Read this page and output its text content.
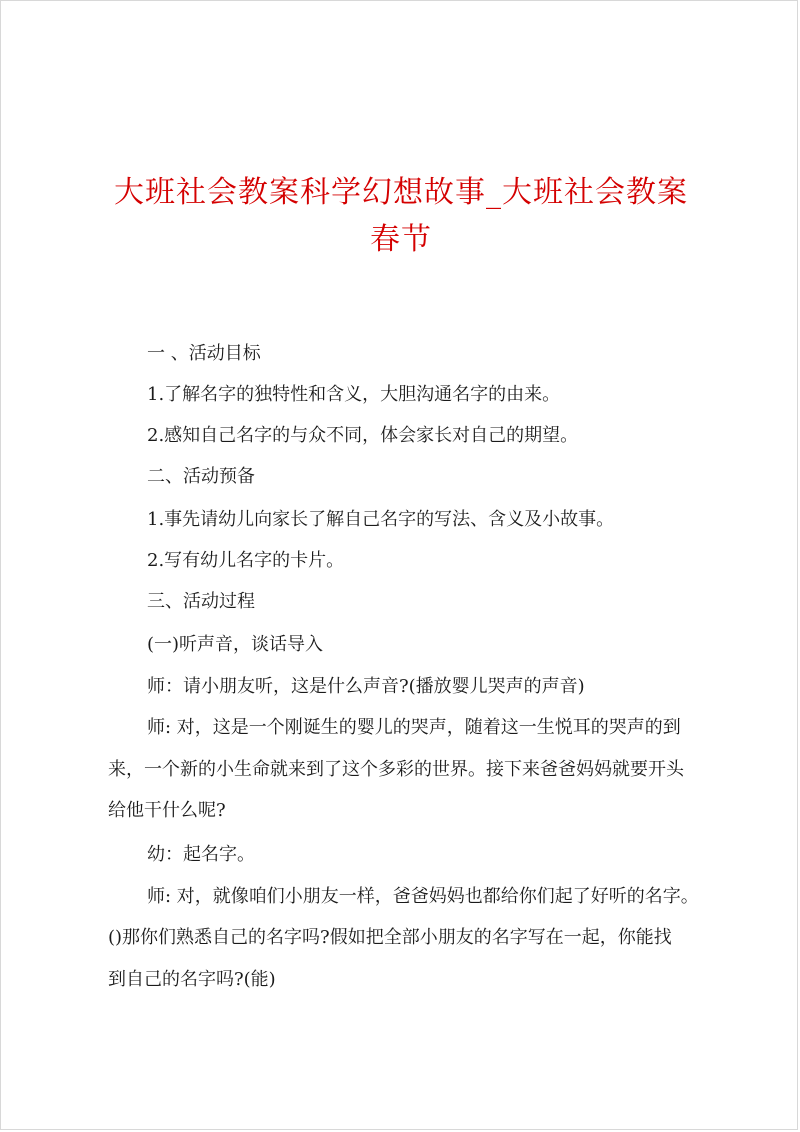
大班社会教案科学幻想故事_大班社会教案春节

一 、活动目标

1.了解名字的独特性和含义，大胆沟通名字的由来。

2.感知自己名字的与众不同，体会家长对自己的期望。

二、活动预备

1.事先请幼儿向家长了解自己名字的写法、含义及小故事。

2.写有幼儿名字的卡片。

三、活动过程

(一)听声音，谈话导入

师：请小朋友听，这是什么声音?(播放婴儿哭声的声音)

师: 对，这是一个刚诞生的婴儿的哭声，随着这一生悦耳的哭声的到

来，一个新的小生命就来到了这个多彩的世界。接下来爸爸妈妈就要开头

给他干什么呢?

幼：起名字。

师: 对，就像咱们小朋友一样，爸爸妈妈也都给你们起了好听的名字。

()那你们熟悉自己的名字吗?假如把全部小朋友的名字写在一起，你能找

到自己的名字吗?(能)
